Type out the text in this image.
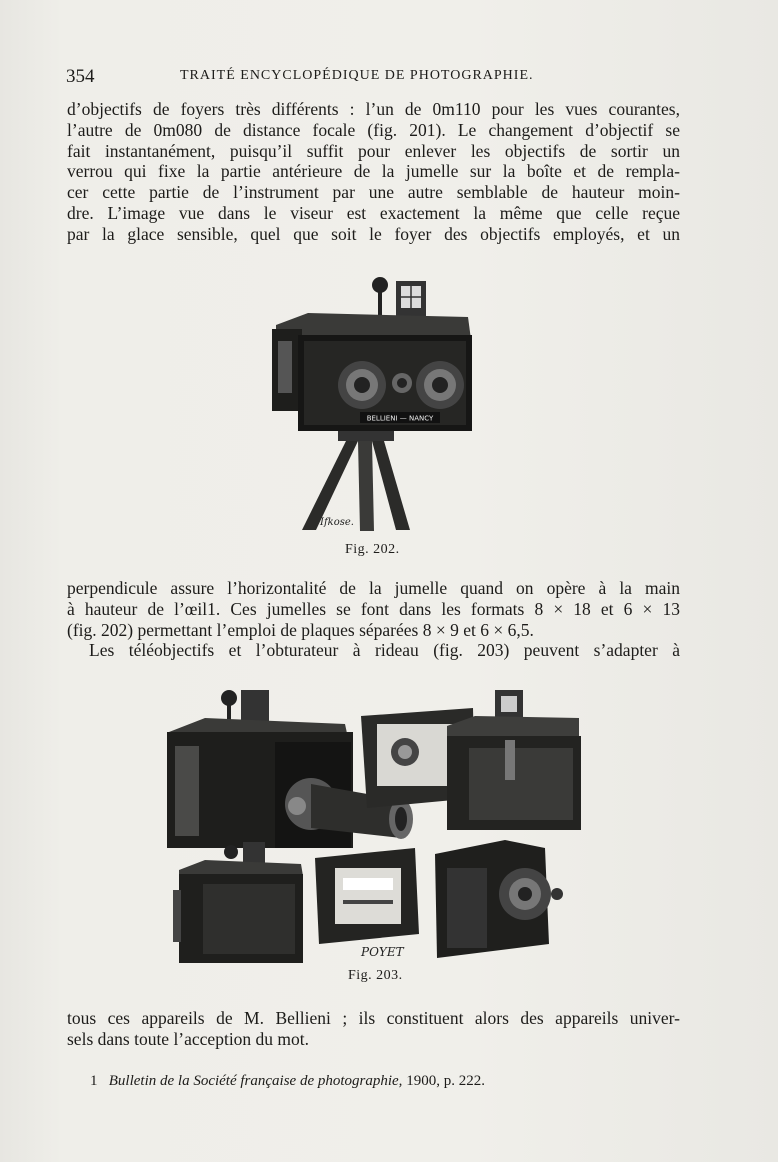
354	TRAITÉ ENCYCLOPÉDIQUE DE PHOTOGRAPHIE.
d’objectifs de foyers très différents : l’un de 0m110 pour les vues courantes,
l’autre de 0m080 de distance focale (fig. 201). Le changement d’objectif se
fait instantanément, puisqu’il suffit pour enlever les objectifs de sortir un
verrou qui fixe la partie antérieure de la jumelle sur la boîte et de rempla-
cer cette partie de l’instrument par une autre semblable de hauteur moin-
dre. L’image vue dans le viseur est exactement la même que celle reçue
par la glace sensible, quel que soit le foyer des objectifs employés, et un
BELLIENI — NANCY
Ifkose.
Fig. 202.
perpendicule assure l’horizontalité de la jumelle quand on opère à la main
à hauteur de l’œil1. Ces jumelles se font dans les formats 8 × 18 et 6 × 13
(fig. 202) permettant l’emploi de plaques séparées 8 × 9 et 6 × 6,5.
Les téléobjectifs et l’obturateur à rideau (fig. 203) peuvent s’adapter à
POYET
Fig. 203.
tous ces appareils de M. Bellieni ; ils constituent alors des appareils univer-
sels dans toute l’acception du mot.
1 Bulletin de la Société française de photographie, 1900, p. 222.
